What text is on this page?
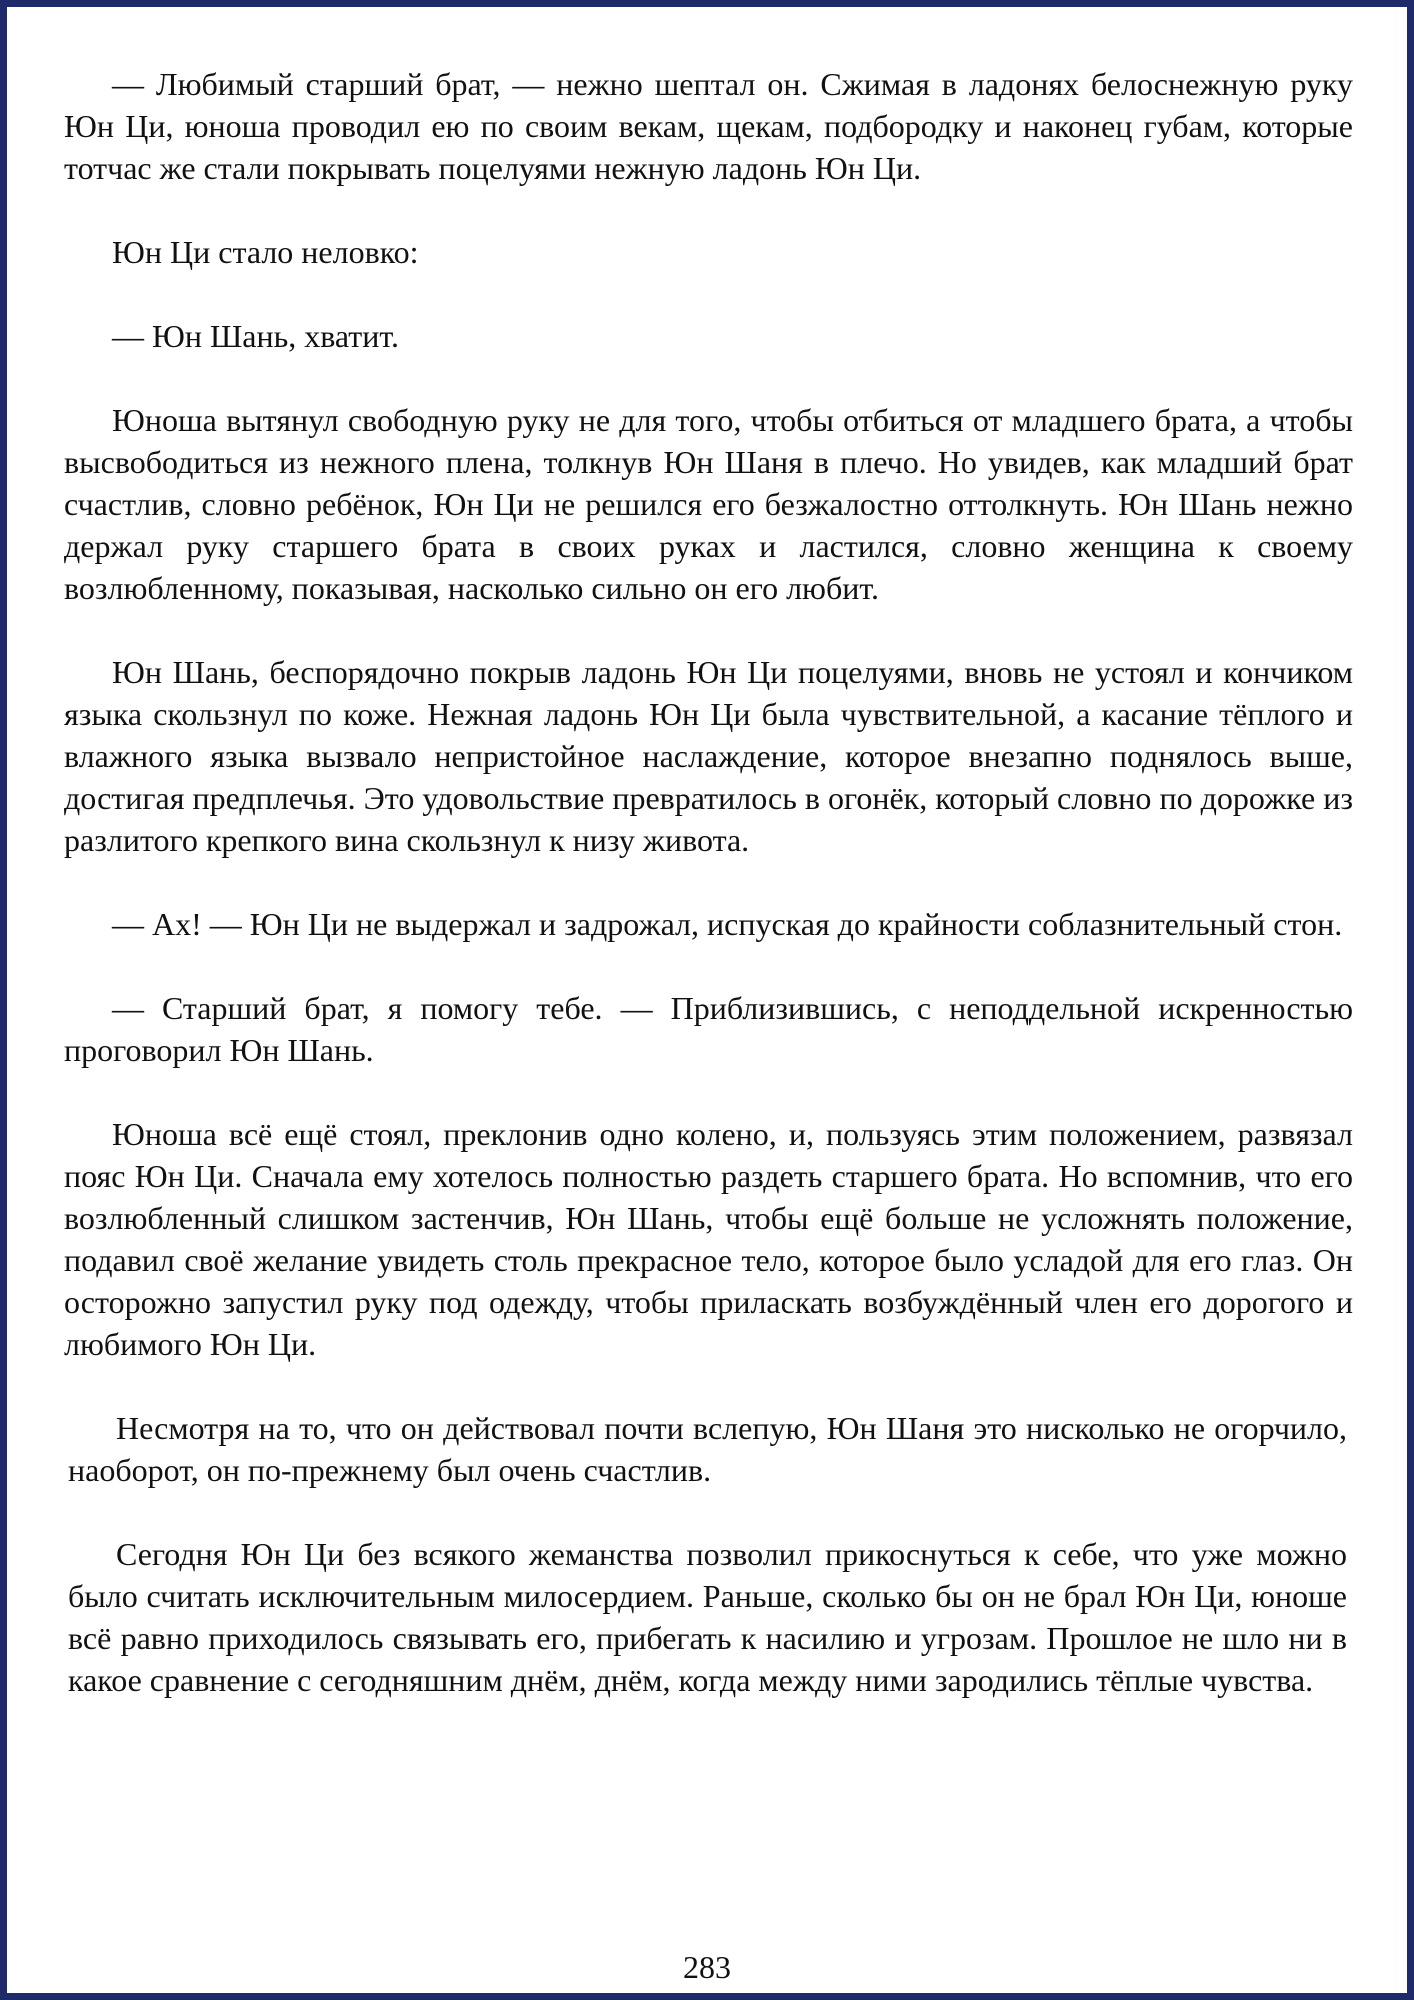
— Любимый старший брат, — нежно шептал он. Сжимая в ладонях белоснежную руку Юн Ци, юноша проводил ею по своим векам, щекам, подбородку и наконец губам, которые тотчас же стали покрывать поцелуями нежную ладонь Юн Ци.

Юн Ци стало неловко:

— Юн Шань, хватит.

Юноша вытянул свободную руку не для того, чтобы отбиться от младшего брата, а чтобы высвободиться из нежного плена, толкнув Юн Шаня в плечо. Но увидев, как младший брат счастлив, словно ребёнок, Юн Ци не решился его безжалостно оттолкнуть. Юн Шань нежно держал руку старшего брата в своих руках и ластился, словно женщина к своему возлюбленному, показывая, насколько сильно он его любит.

Юн Шань, беспорядочно покрыв ладонь Юн Ци поцелуями, вновь не устоял и кончиком языка скользнул по коже. Нежная ладонь Юн Ци была чувствительной, а касание тёплого и влажного языка вызвало непристойное наслаждение, которое внезапно поднялось выше, достигая предплечья. Это удовольствие превратилось в огонёк, который словно по дорожке из разлитого крепкого вина скользнул к низу живота.

— Ах! — Юн Ци не выдержал и задрожал, испуская до крайности соблазнительный стон.

— Старший брат, я помогу тебе. — Приблизившись, с неподдельной искренностью проговорил Юн Шань.

Юноша всё ещё стоял, преклонив одно колено, и, пользуясь этим положением, развязал пояс Юн Ци. Сначала ему хотелось полностью раздеть старшего брата. Но вспомнив, что его возлюбленный слишком застенчив, Юн Шань, чтобы ещё больше не усложнять положение, подавил своё желание увидеть столь прекрасное тело, которое было усладой для его глаз. Он осторожно запустил руку под одежду, чтобы приласкать возбуждённый член его дорогого и любимого Юн Ци.

Несмотря на то, что он действовал почти вслепую, Юн Шаня это нисколько не огорчило, наоборот, он по-прежнему был очень счастлив.

Сегодня Юн Ци без всякого жеманства позволил прикоснуться к себе, что уже можно было считать исключительным милосердием. Раньше, сколько бы он не брал Юн Ци, юноше всё равно приходилось связывать его, прибегать к насилию и угрозам. Прошлое не шло ни в какое сравнение с сегодняшним днём, днём, когда между ними зародились тёплые чувства.

283
